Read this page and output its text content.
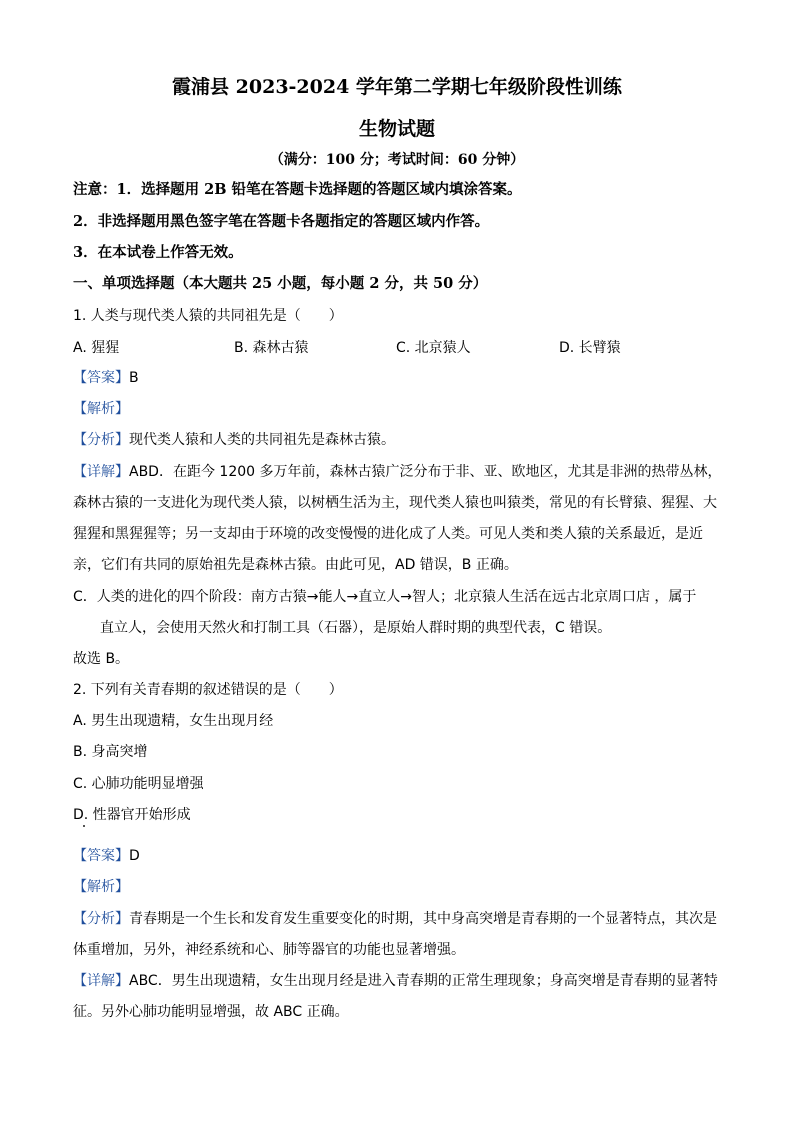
霞浦县 2023-2024 学年第二学期七年级阶段性训练
生物试题
（满分：100 分；考试时间：60 分钟）
注意：1．选择题用 2B 铅笔在答题卡选择题的答题区域内填涂答案。
2．非选择题用黑色签字笔在答题卡各题指定的答题区域内作答。
3．在本试卷上作答无效。
一、单项选择题（本大题共 25 小题，每小题 2 分，共 50 分）
1. 人类与现代类人猿的共同祖先是（　　）
A. 猩猩	B. 森林古猿	C. 北京猿人	D. 长臂猿
【答案】B
【解析】
【分析】现代类人猿和人类的共同祖先是森林古猿。
【详解】ABD．在距今 1200 多万年前，森林古猿广泛分布于非、亚、欧地区，尤其是非洲的热带丛林，
森林古猿的一支进化为现代类人猿，以树栖生活为主，现代类人猿也叫猿类，常见的有长臂猿、猩猩、大
猩猩和黑猩猩等；另一支却由于环境的改变慢慢的进化成了人类。可见人类和类人猿的关系最近，是近
亲，它们有共同的原始祖先是森林古猿。由此可见，AD 错误，B 正确。
C．人类的进化的四个阶段：南方古猿→能人→直立人→智人；北京猿人生活在远古北京周口店 ，属于
直立人，会使用天然火和打制工具（石器），是原始人群时期的典型代表，C 错误。
故选 B。
2. 下列有关青春期的叙述错误的是（　　）
A. 男生出现遗精，女生出现月经
B. 身高突增
C. 心肺功能明显增强
D. 性器官开始形成
【答案】D
【解析】
【分析】青春期是一个生长和发育发生重要变化的时期，其中身高突增是青春期的一个显著特点，其次是
体重增加，另外，神经系统和心、肺等器官的功能也显著增强。
【详解】ABC．男生出现遗精，女生出现月经是进入青春期的正常生理现象；身高突增是青春期的显著特
征。另外心肺功能明显增强，故 ABC 正确。
